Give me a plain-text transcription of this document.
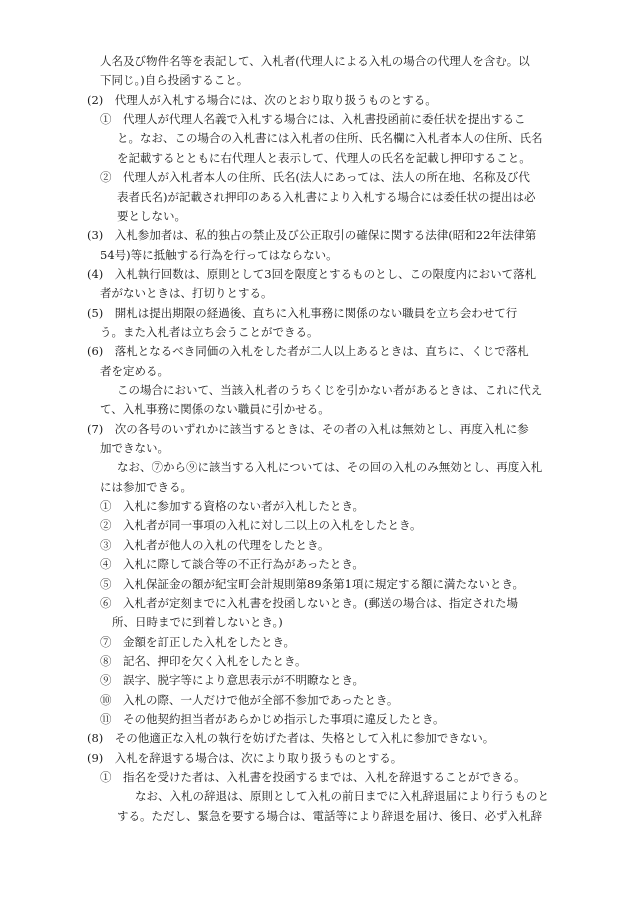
人名及び物件名等を表記して、入札者(代理人による入札の場合の代理人を含む。以
下同じ。)自ら投函すること。
(2)　代理人が入札する場合には、次のとおり取り扱うものとする。
①　代理人が代理人名義で入札する場合には、入札書投函前に委任状を提出するこ
と。なお、この場合の入札書には入札者の住所、氏名欄に入札者本人の住所、氏名
を記載するとともに右代理人と表示して、代理人の氏名を記載し押印すること。
②　代理人が入札者本人の住所、氏名(法人にあっては、法人の所在地、名称及び代
表者氏名)が記載され押印のある入札書により入札する場合には委任状の提出は必
要としない。
(3)　入札参加者は、私的独占の禁止及び公正取引の確保に関する法律(昭和22年法律第
54号)等に抵触する行為を行ってはならない。
(4)　入札執行回数は、原則として3回を限度とするものとし、この限度内において落札
者がないときは、打切りとする。
(5)　開札は提出期限の経過後、直ちに入札事務に関係のない職員を立ち会わせて行
う。また入札者は立ち会うことができる。
(6)　落札となるべき同価の入札をした者が二人以上あるときは、直ちに、くじで落札
者を定める。
この場合において、当該入札者のうちくじを引かない者があるときは、これに代え
て、入札事務に関係のない職員に引かせる。
(7)　次の各号のいずれかに該当するときは、その者の入札は無効とし、再度入札に参
加できない。
なお、⑦から⑨に該当する入札については、その回の入札のみ無効とし、再度入札
には参加できる。
①　入札に参加する資格のない者が入札したとき。
②　入札者が同一事項の入札に対し二以上の入札をしたとき。
③　入札者が他人の入札の代理をしたとき。
④　入札に際して談合等の不正行為があったとき。
⑤　入札保証金の額が紀宝町会計規則第89条第1項に規定する額に満たないとき。
⑥　入札者が定刻までに入札書を投函しないとき。(郵送の場合は、指定された場
所、日時までに到着しないとき。)
⑦　金額を訂正した入札をしたとき。
⑧　記名、押印を欠く入札をしたとき。
⑨　誤字、脱字等により意思表示が不明瞭なとき。
⑩　入札の際、一人だけで他が全部不参加であったとき。
⑪　その他契約担当者があらかじめ指示した事項に違反したとき。
(8)　その他適正な入札の執行を妨げた者は、失格として入札に参加できない。
(9)　入札を辞退する場合は、次により取り扱うものとする。
①　指名を受けた者は、入札書を投函するまでは、入札を辞退することができる。
なお、入札の辞退は、原則として入札の前日までに入札辞退届により行うものと
する。ただし、緊急を要する場合は、電話等により辞退を届け、後日、必ず入札辞
